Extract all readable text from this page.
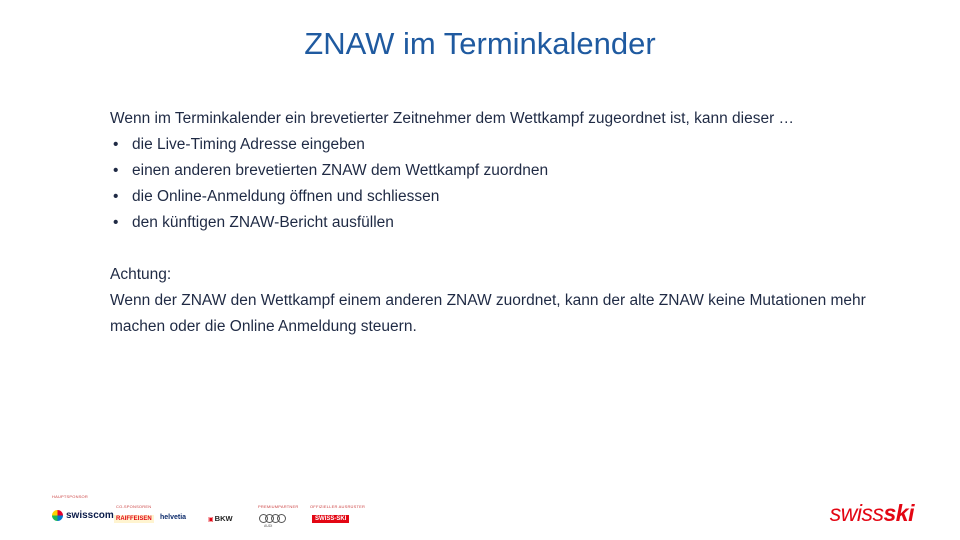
ZNAW im Terminkalender
Wenn im Terminkalender ein brevetierter Zeitnehmer dem Wettkampf zugeordnet ist, kann dieser …
• die Live-Timing Adresse eingeben
• einen anderen brevetierten ZNAW dem Wettkampf zuordnen
• die Online-Anmeldung öffnen und schliessen
• den künftigen ZNAW-Bericht ausfüllen
Achtung:

Wenn der ZNAW den Wettkampf einem anderen ZNAW zuordnet, kann der alte ZNAW keine Mutationen mehr machen oder die Online Anmeldung steuern.

HAUPTSPONSOR
CO-SPONSOREN	PREMIUMPARTNER	OFFIZIELLER AUSRÜSTER
swisscom RAIFFEISEN helvetia
▣	BKW
AUDI
SWISS-SKI	swissski
